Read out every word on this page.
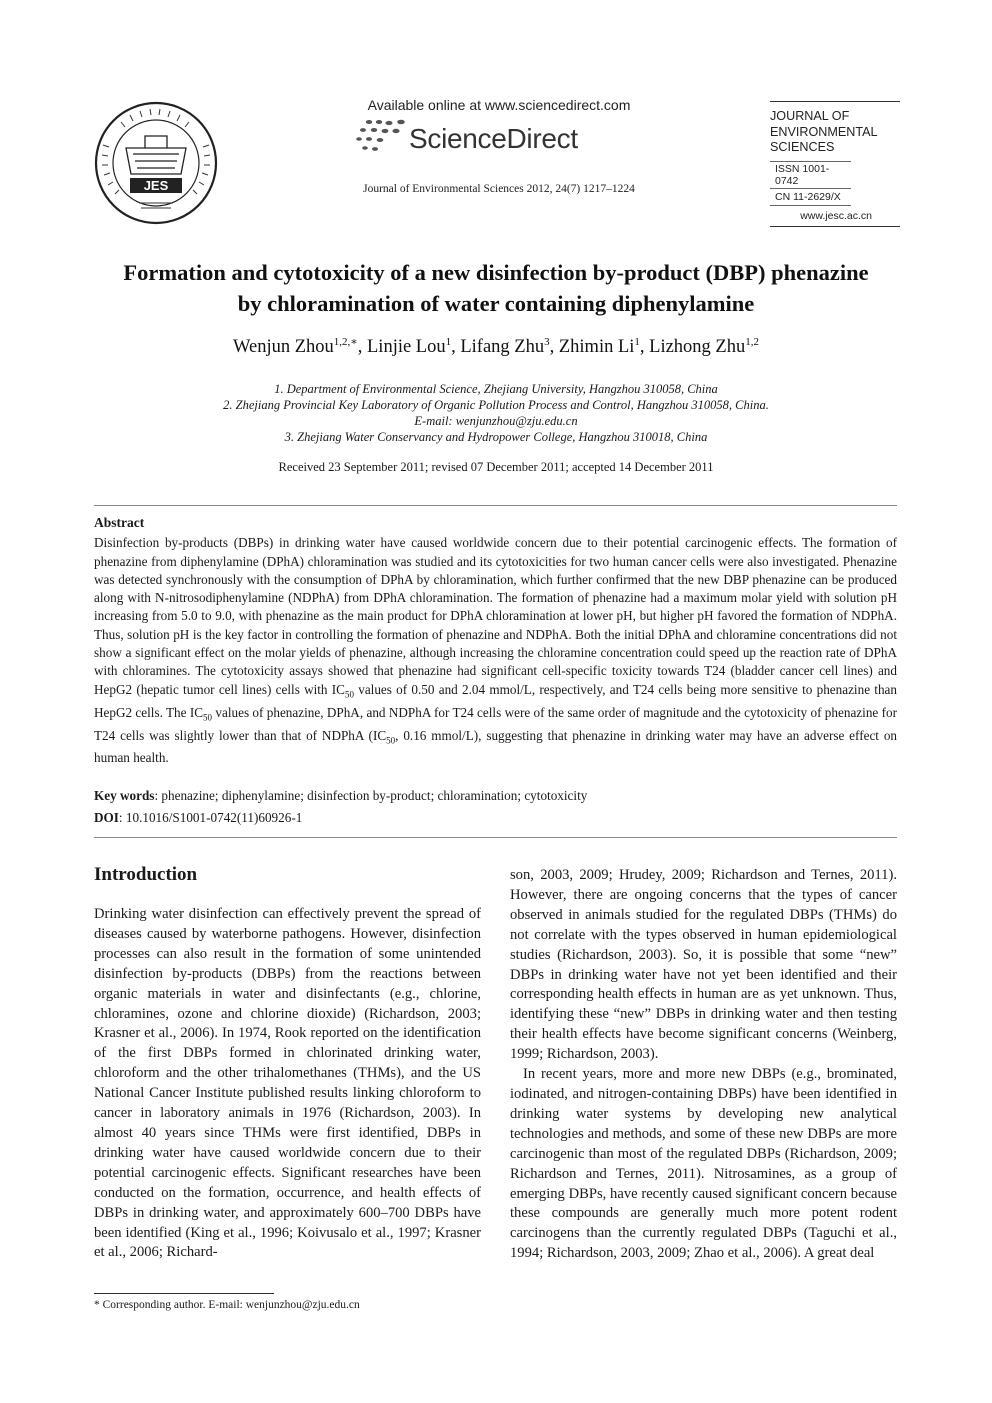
JES
Available online at www.sciencedirect.com
ScienceDirect
Journal of Environmental Sciences 2012, 24(7) 1217–1224
JOURNAL OF
ENVIRONMENTAL
SCIENCES
ISSN 1001-0742
CN 11-2629/X
www.jesc.ac.cn
Formation and cytotoxicity of a new disinfection by-product (DBP) phenazine
by chloramination of water containing diphenylamine
Wenjun Zhou$^{1,2,∗}$, Linjie Lou$^1$, Lifang Zhu$^3$, Zhimin Li$^1$, Lizhong Zhu$^{1,2}$
1. Department of Environmental Science, Zhejiang University, Hangzhou 310058, China
2. Zhejiang Provincial Key Laboratory of Organic Pollution Process and Control, Hangzhou 310058, China.
E-mail: wenjunzhou@zju.edu.cn
3. Zhejiang Water Conservancy and Hydropower College, Hangzhou 310018, China
Received 23 September 2011; revised 07 December 2011; accepted 14 December 2011
Abstract
Disinfection by-products (DBPs) in drinking water have caused worldwide concern due to their potential carcinogenic effects. The formation of phenazine from diphenylamine (DPhA) chloramination was studied and its cytotoxicities for two human cancer cells were also investigated. Phenazine was detected synchronously with the consumption of DPhA by chloramination, which further confirmed that the new DBP phenazine can be produced along with N-nitrosodiphenylamine (NDPhA) from DPhA chloramination. The formation of phenazine had a maximum molar yield with solution pH increasing from 5.0 to 9.0, with phenazine as the main product for DPhA chloramination at lower pH, but higher pH favored the formation of NDPhA. Thus, solution pH is the key factor in controlling the formation of phenazine and NDPhA. Both the initial DPhA and chloramine concentrations did not show a significant effect on the molar yields of phenazine, although increasing the chloramine concentration could speed up the reaction rate of DPhA with chloramines. The cytotoxicity assays showed that phenazine had significant cell-specific toxicity towards T24 (bladder cancer cell lines) and HepG2 (hepatic tumor cell lines) cells with $IC_{50}$ values of 0.50 and 2.04 mmol/L, respectively, and T24 cells being more sensitive to phenazine than HepG2 cells. The $IC_{50}$ values of phenazine, DPhA, and NDPhA for T24 cells were of the same order of magnitude and the cytotoxicity of phenazine for T24 cells was slightly lower than that of NDPhA ($IC_{50}$, 0.16 mmol/L), suggesting that phenazine in drinking water may have an adverse effect on human health.
Key words: phenazine; diphenylamine; disinfection by-product; chloramination; cytotoxicity
DOI: 10.1016/S1001-0742(11)60926-1
Introduction
Drinking water disinfection can effectively prevent the spread of diseases caused by waterborne pathogens. However, disinfection processes can also result in the formation of some unintended disinfection by-products (DBPs) from the reactions between organic materials in water and disinfectants (e.g., chlorine, chloramines, ozone and chlorine dioxide) (Richardson, 2003; Krasner et al., 2006). In 1974, Rook reported on the identification of the first DBPs formed in chlorinated drinking water, chloroform and the other trihalomethanes (THMs), and the US National Cancer Institute published results linking chloroform to cancer in laboratory animals in 1976 (Richardson, 2003). In almost 40 years since THMs were first identified, DBPs in drinking water have caused worldwide concern due to their potential carcinogenic effects. Significant researches have been conducted on the formation, occurrence, and health effects of DBPs in drinking water, and approximately 600–700 DBPs have been identified (King et al., 1996; Koivusalo et al., 1997; Krasner et al., 2006; Richard-
son, 2003, 2009; Hrudey, 2009; Richardson and Ternes, 2011). However, there are ongoing concerns that the types of cancer observed in animals studied for the regulated DBPs (THMs) do not correlate with the types observed in human epidemiological studies (Richardson, 2003). So, it is possible that some “new” DBPs in drinking water have not yet been identified and their corresponding health effects in human are as yet unknown. Thus, identifying these “new” DBPs in drinking water and then testing their health effects have become significant concerns (Weinberg, 1999; Richardson, 2003).
In recent years, more and more new DBPs (e.g., brominated, iodinated, and nitrogen-containing DBPs) have been identified in drinking water systems by developing new analytical technologies and methods, and some of these new DBPs are more carcinogenic than most of the regulated DBPs (Richardson, 2009; Richardson and Ternes, 2011). Nitrosamines, as a group of emerging DBPs, have recently caused significant concern because these compounds are generally much more potent rodent carcinogens than the currently regulated DBPs (Taguchi et al., 1994; Richardson, 2003, 2009; Zhao et al., 2006). A great deal
* Corresponding author. E-mail: wenjunzhou@zju.edu.cn
